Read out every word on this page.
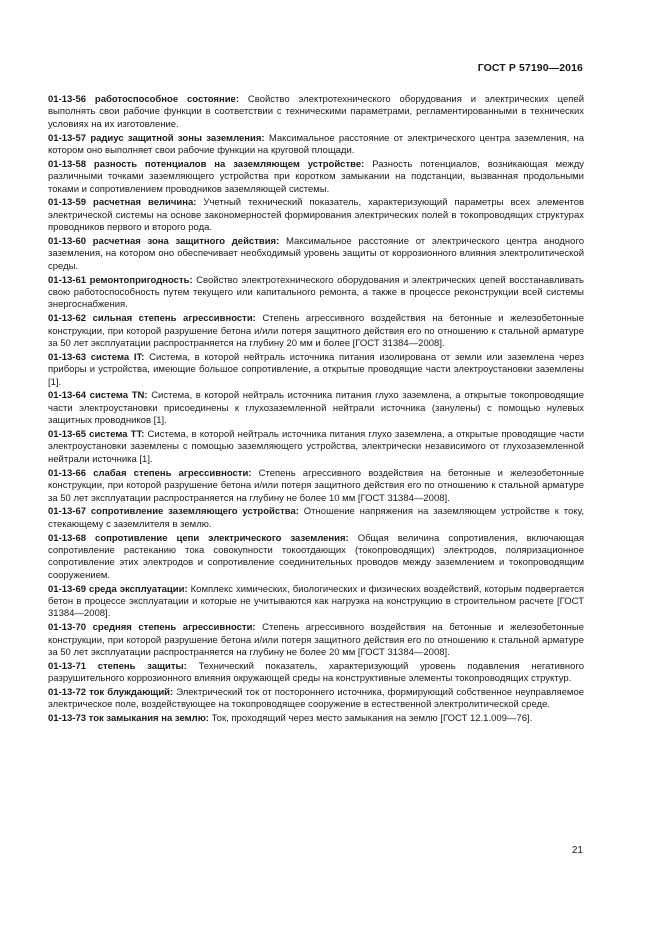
ГОСТ Р 57190—2016

01-13-56 работоспособное состояние: Свойство электротехнического оборудования и электрических цепей выполнять свои рабочие функции в соответствии с техническими параметрами, регламентированными в технических условиях на их изготовление.

01-13-57 радиус защитной зоны заземления: Максимальное расстояние от электрического центра заземления, на котором оно выполняет свои рабочие функции на круговой площади.

01-13-58 разность потенциалов на заземляющем устройстве: Разность потенциалов, возникающая между различными точками заземляющего устройства при коротком замыкании на подстанции, вызванная продольными токами и сопротивлением проводников заземляющей системы.

01-13-59 расчетная величина: Учетный технический показатель, характеризующий параметры всех элементов электрической системы на основе закономерностей формирования электрических полей в токопроводящих структурах проводников первого и второго рода.

01-13-60 расчетная зона защитного действия: Максимальное расстояние от электрического центра анодного заземления, на котором оно обеспечивает необходимый уровень защиты от коррозионного влияния электролитической среды.

01-13-61 ремонтопригодность: Свойство электротехнического оборудования и электрических цепей восстанавливать свою работоспособность путем текущего или капитального ремонта, а также в процессе реконструкции всей системы энергоснабжения.

01-13-62 сильная степень агрессивности: Степень агрессивного воздействия на бетонные и железобетонные конструкции, при которой разрушение бетона и/или потеря защитного действия его по отношению к стальной арматуре за 50 лет эксплуатации распространяется на глубину 20 мм и более [ГОСТ 31384—2008].

01-13-63 система IT: Система, в которой нейтраль источника питания изолирована от земли или заземлена через приборы и устройства, имеющие большое сопротивление, а открытые проводящие части электроустановки заземлены [1].

01-13-64 система TN: Система, в которой нейтраль источника питания глухо заземлена, а открытые токопроводящие части электроустановки присоединены к глухозаземленной нейтрали источника (занулены) с помощью нулевых защитных проводников [1].

01-13-65 система TT: Система, в которой нейтраль источника питания глухо заземлена, а открытые проводящие части электроустановки заземлены с помощью заземляющего устройства, электрически независимого от глухозаземленной нейтрали источника [1].

01-13-66 слабая степень агрессивности: Степень агрессивного воздействия на бетонные и железобетонные конструкции, при которой разрушение бетона и/или потеря защитного действия его по отношению к стальной арматуре за 50 лет эксплуатации распространяется на глубину не более 10 мм [ГОСТ 31384—2008].

01-13-67 сопротивление заземляющего устройства: Отношение напряжения на заземляющем устройстве к току, стекающему с заземлителя в землю.

01-13-68 сопротивление цепи электрического заземления: Общая величина сопротивления, включающая сопротивление растеканию тока совокупности токоотдающих (токопроводящих) электродов, поляризационное сопротивление этих электродов и сопротивление соединительных проводов между заземлением и токопроводящим сооружением.

01-13-69 среда эксплуатации: Комплекс химических, биологических и физических воздействий, которым подвергается бетон в процессе эксплуатации и которые не учитываются как нагрузка на конструкцию в строительном расчете [ГОСТ 31384—2008].

01-13-70 средняя степень агрессивности: Степень агрессивного воздействия на бетонные и железобетонные конструкции, при которой разрушение бетона и/или потеря защитного действия его по отношению к стальной арматуре за 50 лет эксплуатации распространяется на глубину не более 20 мм [ГОСТ 31384—2008].

01-13-71 степень защиты: Технический показатель, характеризующий уровень подавления негативного разрушительного коррозионного влияния окружающей среды на конструктивные элементы токопроводящих структур.

01-13-72 ток блуждающий: Электрический ток от постороннего источника, формирующий собственное неуправляемое электрическое поле, воздействующее на токопроводящее сооружение в естественной электролитической среде.

01-13-73 ток замыкания на землю: Ток, проходящий через место замыкания на землю [ГОСТ 12.1.009—76].

21
